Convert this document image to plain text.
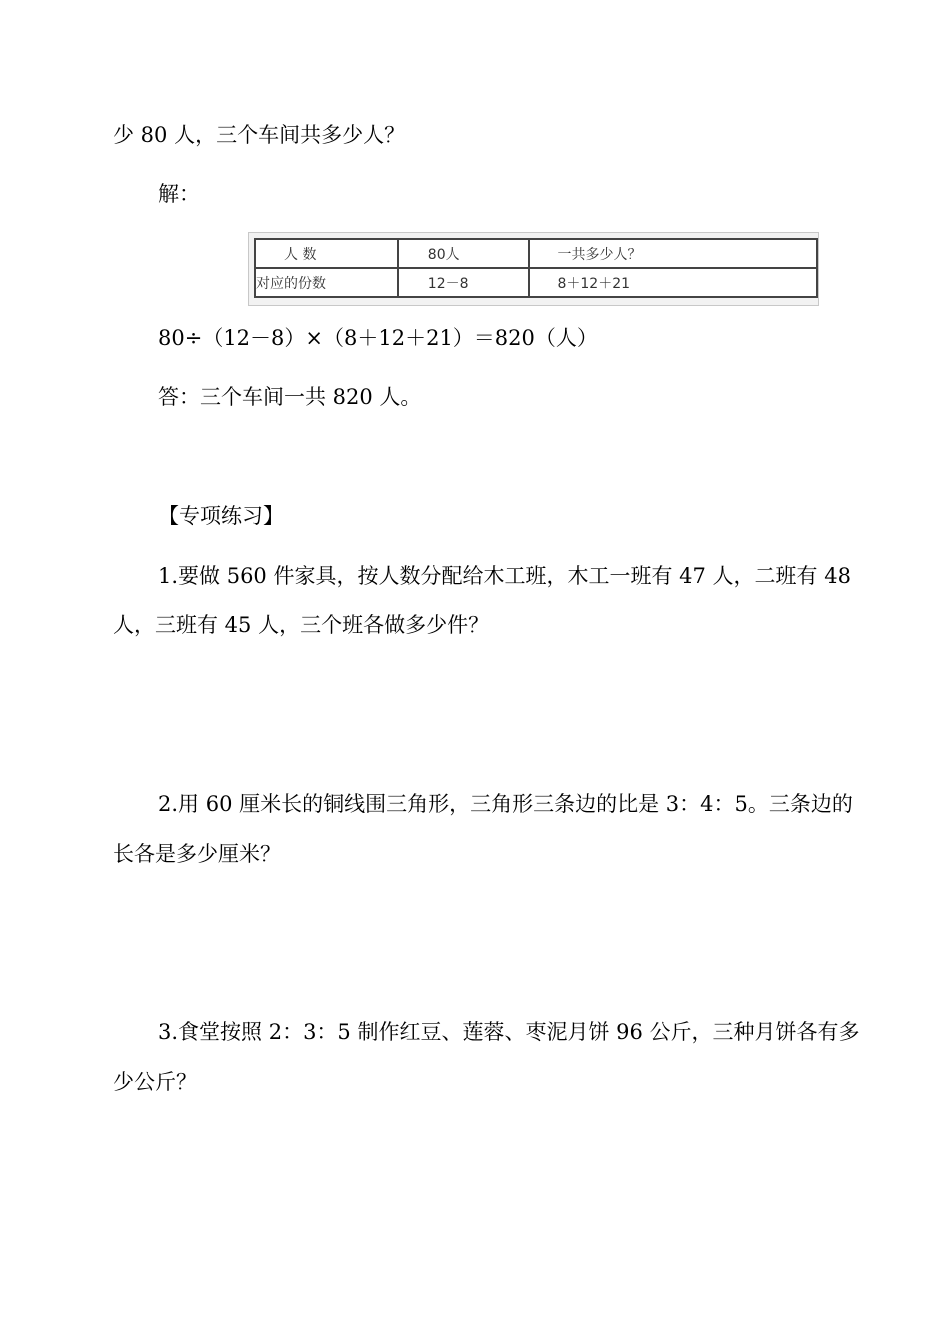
少 80 人，三个车间共多少人？
解：
人 数	80人	一共多少人？
对应的份数	12－8	8＋12＋21
80÷（12－8）×（8＋12＋21）＝820（人）
答：三个车间一共 820 人。
【专项练习】
1.要做 560 件家具，按人数分配给木工班，木工一班有 47 人，二班有 48
人，三班有 45 人，三个班各做多少件？
2.用 60 厘米长的铜线围三角形，三角形三条边的比是 3：4：5。三条边的
长各是多少厘米？
3.食堂按照 2：3：5 制作红豆、莲蓉、枣泥月饼 96 公斤，三种月饼各有多
少公斤？
